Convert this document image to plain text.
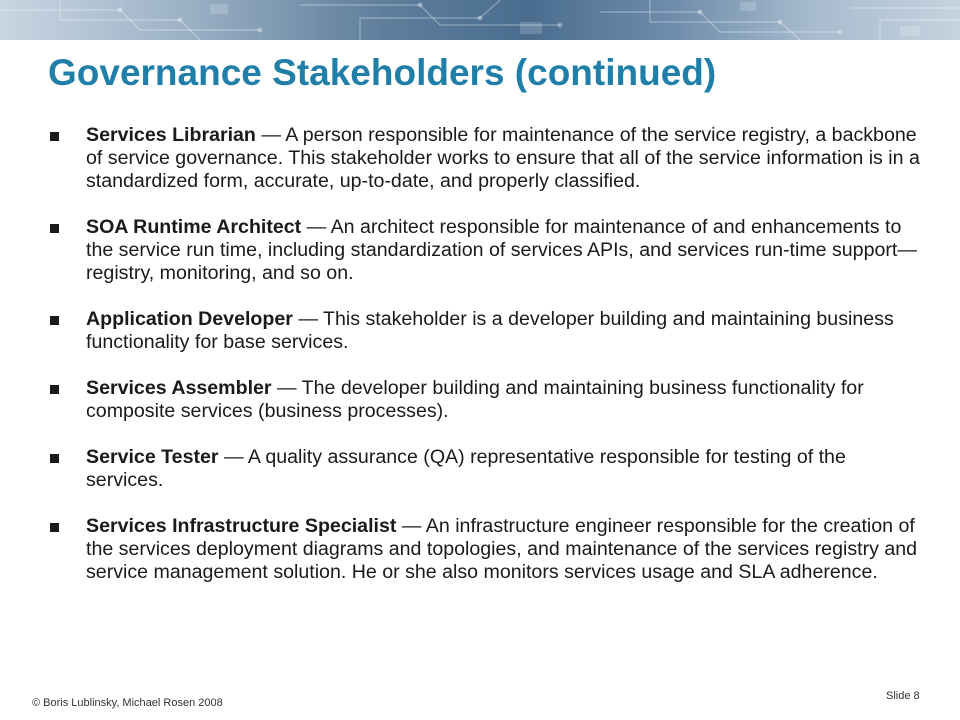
Governance Stakeholders (continued)
Services Librarian — A person responsible for maintenance of the service registry, a backbone of service governance. This stakeholder works to ensure that all of the service information is in a standardized form, accurate, up-to-date, and properly classified.
SOA Runtime Architect — An architect responsible for maintenance of and enhancements to the service run time, including standardization of services APIs, and services run-time support—registry, monitoring, and so on.
Application Developer — This stakeholder is a developer building and maintaining business functionality for base services.
Services Assembler — The developer building and maintaining business functionality for composite services (business processes).
Service Tester — A quality assurance (QA) representative responsible for testing of the services.
Services Infrastructure Specialist — An infrastructure engineer responsible for the creation of the services deployment diagrams and topologies, and maintenance of the services registry and service management solution. He or she also monitors services usage and SLA adherence.
© Boris Lublinsky, Michael Rosen 2008
Slide 8
